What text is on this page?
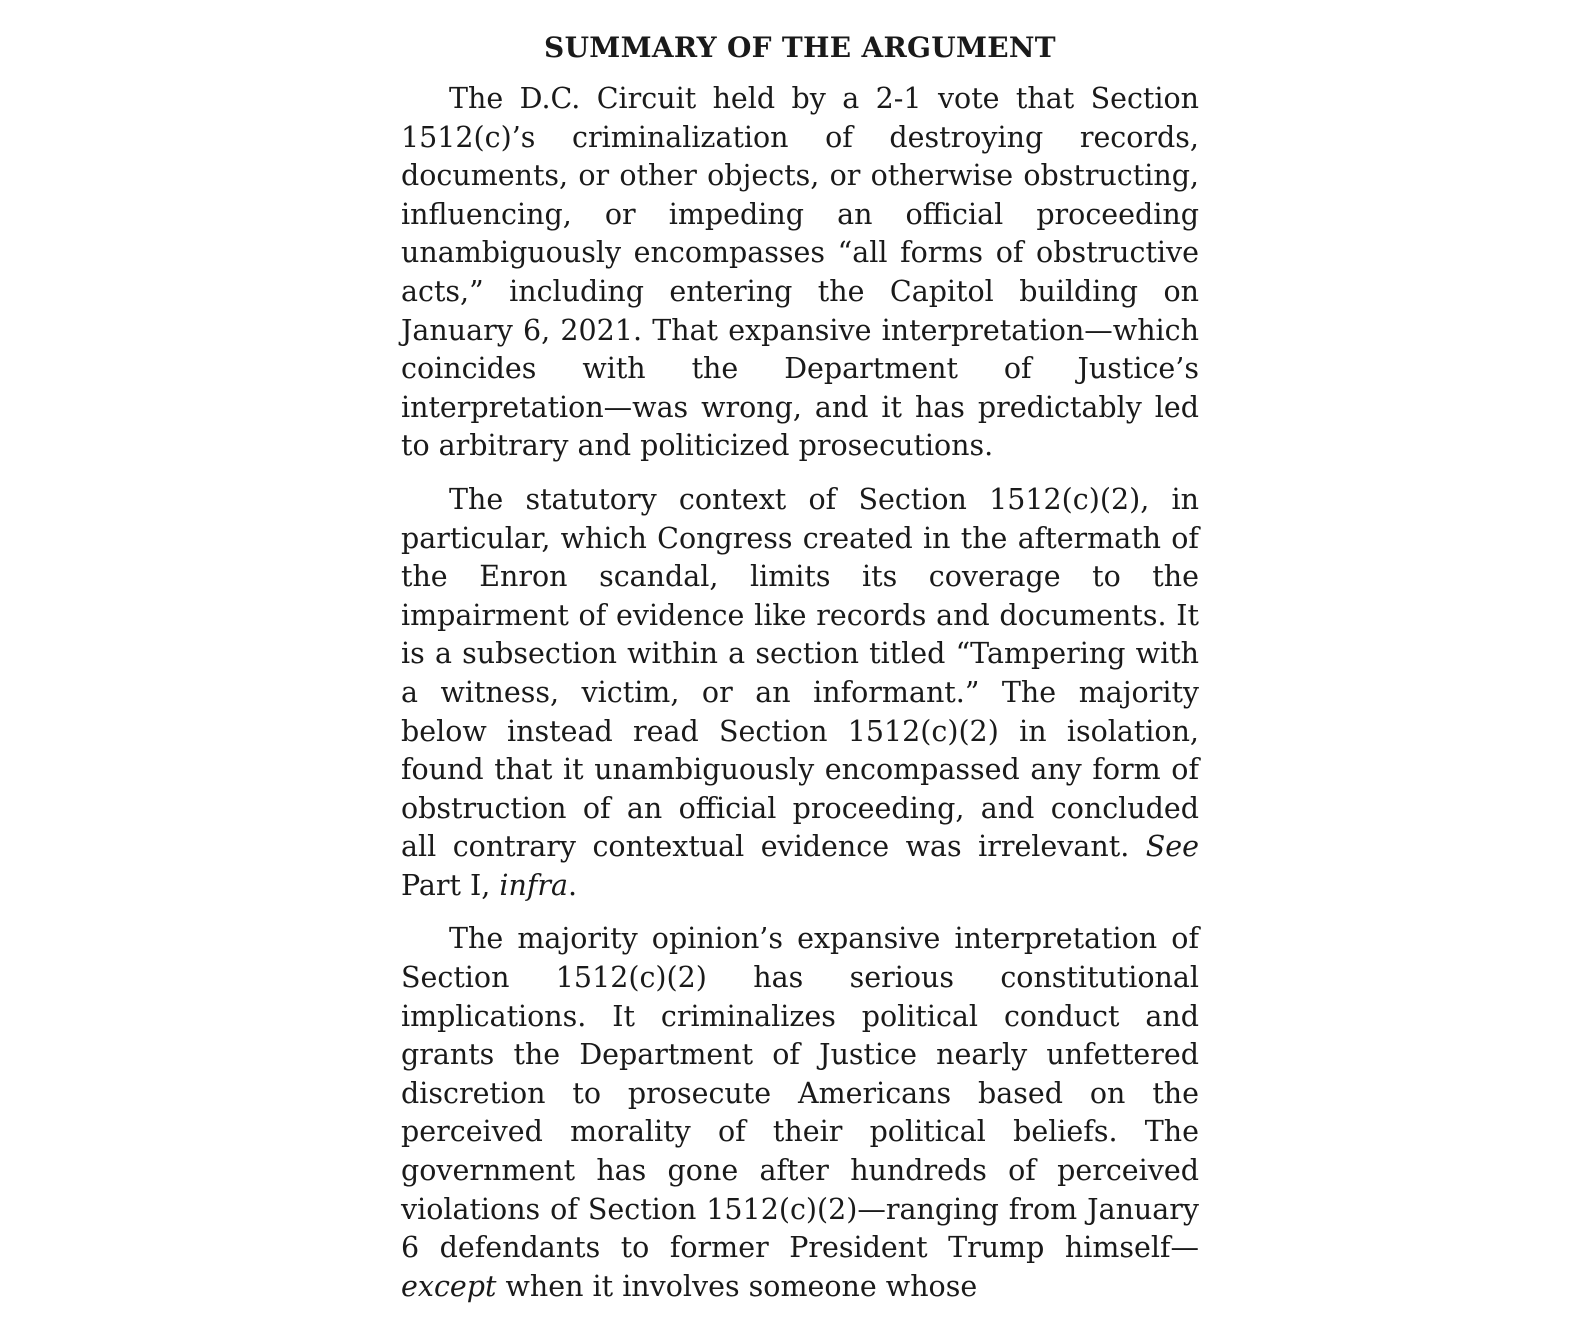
SUMMARY OF THE ARGUMENT

The D.C. Circuit held by a 2-1 vote that Section 1512(c)’s criminalization of destroying records, documents, or other objects, or otherwise obstructing, influencing, or impeding an official proceeding unambiguously encompasses “all forms of obstructive acts,” including entering the Capitol building on January 6, 2021. That expansive interpretation—which coincides with the Department of Justice’s interpretation—was wrong, and it has predictably led to arbitrary and politicized prosecutions.

The statutory context of Section 1512(c)(2), in particular, which Congress created in the aftermath of the Enron scandal, limits its coverage to the impairment of evidence like records and documents. It is a subsection within a section titled “Tampering with a witness, victim, or an informant.” The majority below instead read Section 1512(c)(2) in isolation, found that it unambiguously encompassed any form of obstruction of an official proceeding, and concluded all contrary contextual evidence was irrelevant. See Part I, infra.

The majority opinion’s expansive interpretation of Section 1512(c)(2) has serious constitutional implications. It criminalizes political conduct and grants the Department of Justice nearly unfettered discretion to prosecute Americans based on the perceived morality of their political beliefs. The government has gone after hundreds of perceived violations of Section 1512(c)(2)—ranging from January 6 defendants to former President Trump himself—except when it involves someone whose
